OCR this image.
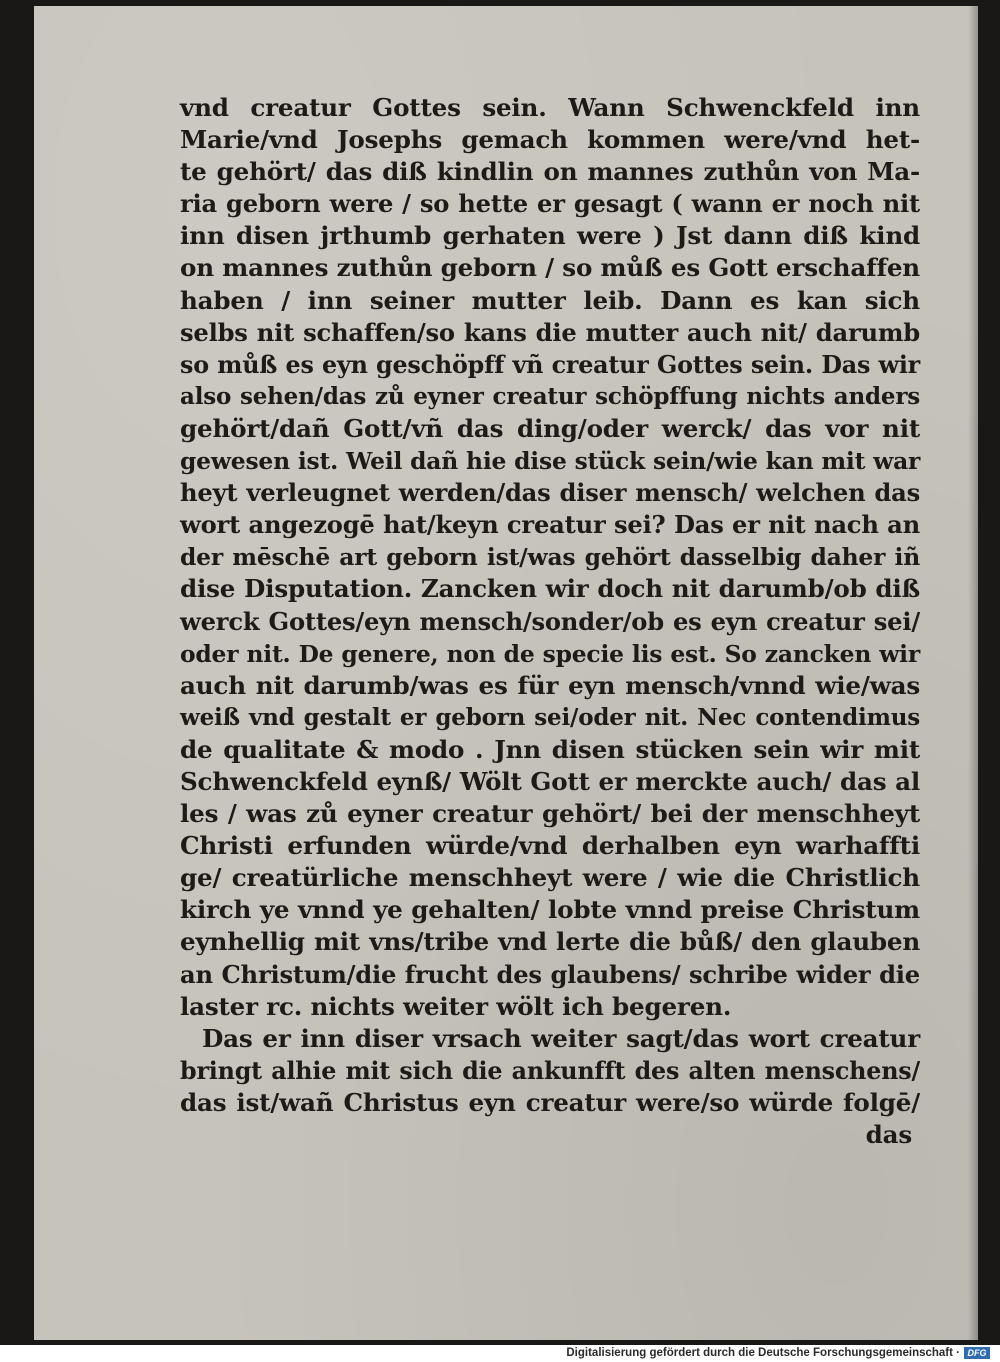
vnd creatur Gottes sein. Wann Schwenckfeld inn
Marie/vnd Josephs gemach kommen were/vnd het-
te gehört/ das diß kindlin on mannes zuthůn von Ma-
ria geborn were / so hette er gesagt ( wann er noch nit
inn disen jrthumb gerhaten were ) Jst dann diß kind
on mannes zuthůn geborn / so můß es Gott erschaffen
haben / inn seiner mutter leib. Dann es kan sich
selbs nit schaffen/so kans die mutter auch nit/ darumb
so můß es eyn geschöpff vñ creatur Gottes sein. Das wir
also sehen/das zů eyner creatur schöpffung nichts anders
gehört/dañ Gott/vñ das ding/oder werck/ das vor nit
gewesen ist. Weil dañ hie dise stück sein/wie kan mit war
heyt verleugnet werden/das diser mensch/ welchen das
wort angezogē hat/keyn creatur sei? Das er nit nach an
der mēschē art geborn ist/was gehört dasselbig daher iñ
dise Disputation. Zancken wir doch nit darumb/ob diß
werck Gottes/eyn mensch/sonder/ob es eyn creatur sei/
oder nit. De genere, non de specie lis est. So zancken wir
auch nit darumb/was es für eyn mensch/vnnd wie/was
weiß vnd gestalt er geborn sei/oder nit. Nec contendimus
de qualitate & modo . Jnn disen stücken sein wir mit
Schwenckfeld eynß/ Wölt Gott er merckte auch/ das al
les / was zů eyner creatur gehört/ bei der menschheyt
Christi erfunden würde/vnd derhalben eyn warhaffti
ge/ creatürliche menschheyt were / wie die Christlich
kirch ye vnnd ye gehalten/ lobte vnnd preise Christum
eynhellig mit vns/tribe vnd lerte die bůß/ den glauben
an Christum/die frucht des glaubens/ schribe wider die
laster rc. nichts weiter wölt ich begeren.
Das er inn diser vrsach weiter sagt/das wort creatur
bringt alhie mit sich die ankunfft des alten menschens/
das ist/wañ Christus eyn creatur were/so würde folgē/
das
Digitalisierung gefördert durch die Deutsche Forschungsgemeinschaft · DFG
